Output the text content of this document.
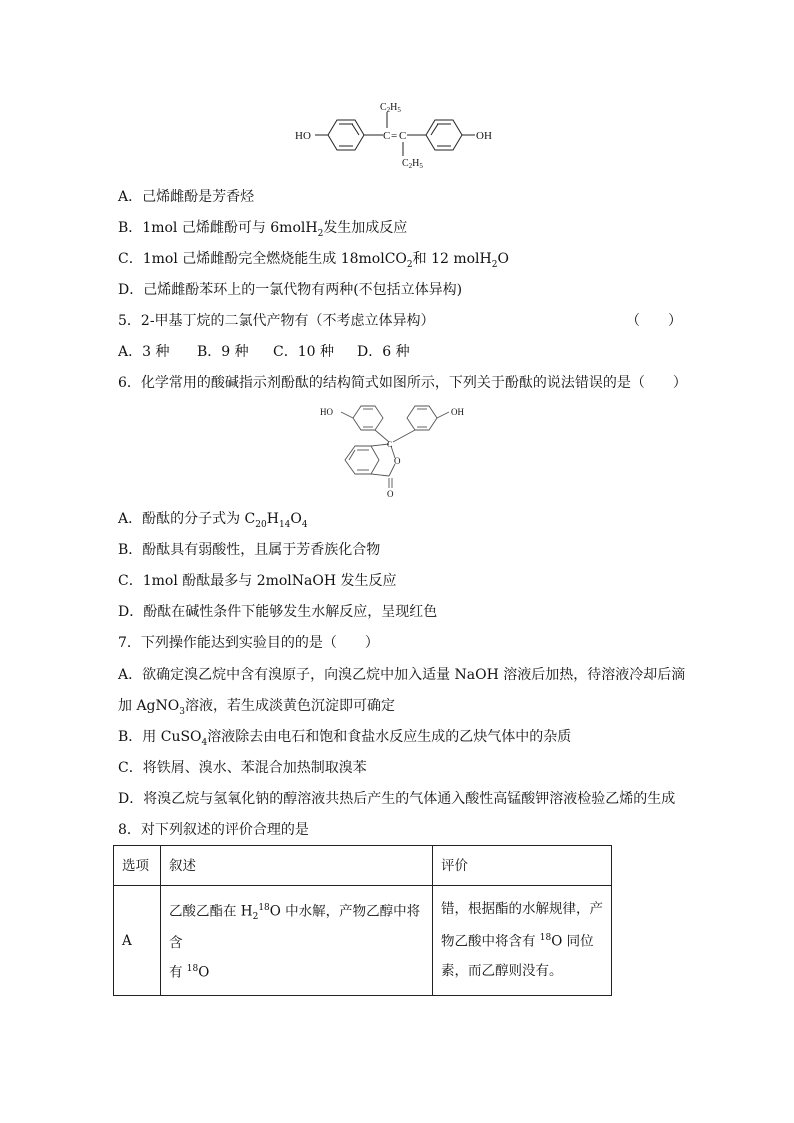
HO	OH
C = C
$C_2H_5$
$C_2H_5$
A．己烯雌酚是芳香烃
B．1mol 己烯雌酚可与 6molH$_2$发生加成反应
C．1mol 己烯雌酚完全燃烧能生成 18molCO$_2$和 12 molH$_2$O
D．己烯雌酚苯环上的一氯代物有两种(不包括立体异构)
5．2-甲基丁烷的二氯代产物有（不考虑立体异构）	（　　）
A．3 种 B．9 种 C．10 种 D．6 种
6．化学常用的酸碱指示剂酚酞的结构简式如图所示，下列关于酚酞的说法错误的是（　　）
HO	OH
C
O
O
A．酚酞的分子式为 $C_{20}H_{14}O_4$
B．酚酞具有弱酸性，且属于芳香族化合物
C．1mol 酚酞最多与 2molNaOH 发生反应
D．酚酞在碱性条件下能够发生水解反应，呈现红色
7．下列操作能达到实验目的的是（　　）
A．欲确定溴乙烷中含有溴原子，向溴乙烷中加入适量 NaOH 溶液后加热，待溶液冷却后滴
加 AgNO$_3$溶液，若生成淡黄色沉淀即可确定
B．用 CuSO$_4$溶液除去由电石和饱和食盐水反应生成的乙炔气体中的杂质
C．将铁屑、溴水、苯混合加热制取溴苯
D．将溴乙烷与氢氧化钠的醇溶液共热后产生的气体通入酸性高锰酸钾溶液检验乙烯的生成
8．对下列叙述的评价合理的是
选项	叙述	评价
A	乙酸乙酯在 $H_2^{18}O$ 中水解，产物乙醇中将含
有 $^{18}$O	错，根据酯的水解规律，产
物乙酸中将含有 $^{18}$O 同位
素，而乙醇则没有。
